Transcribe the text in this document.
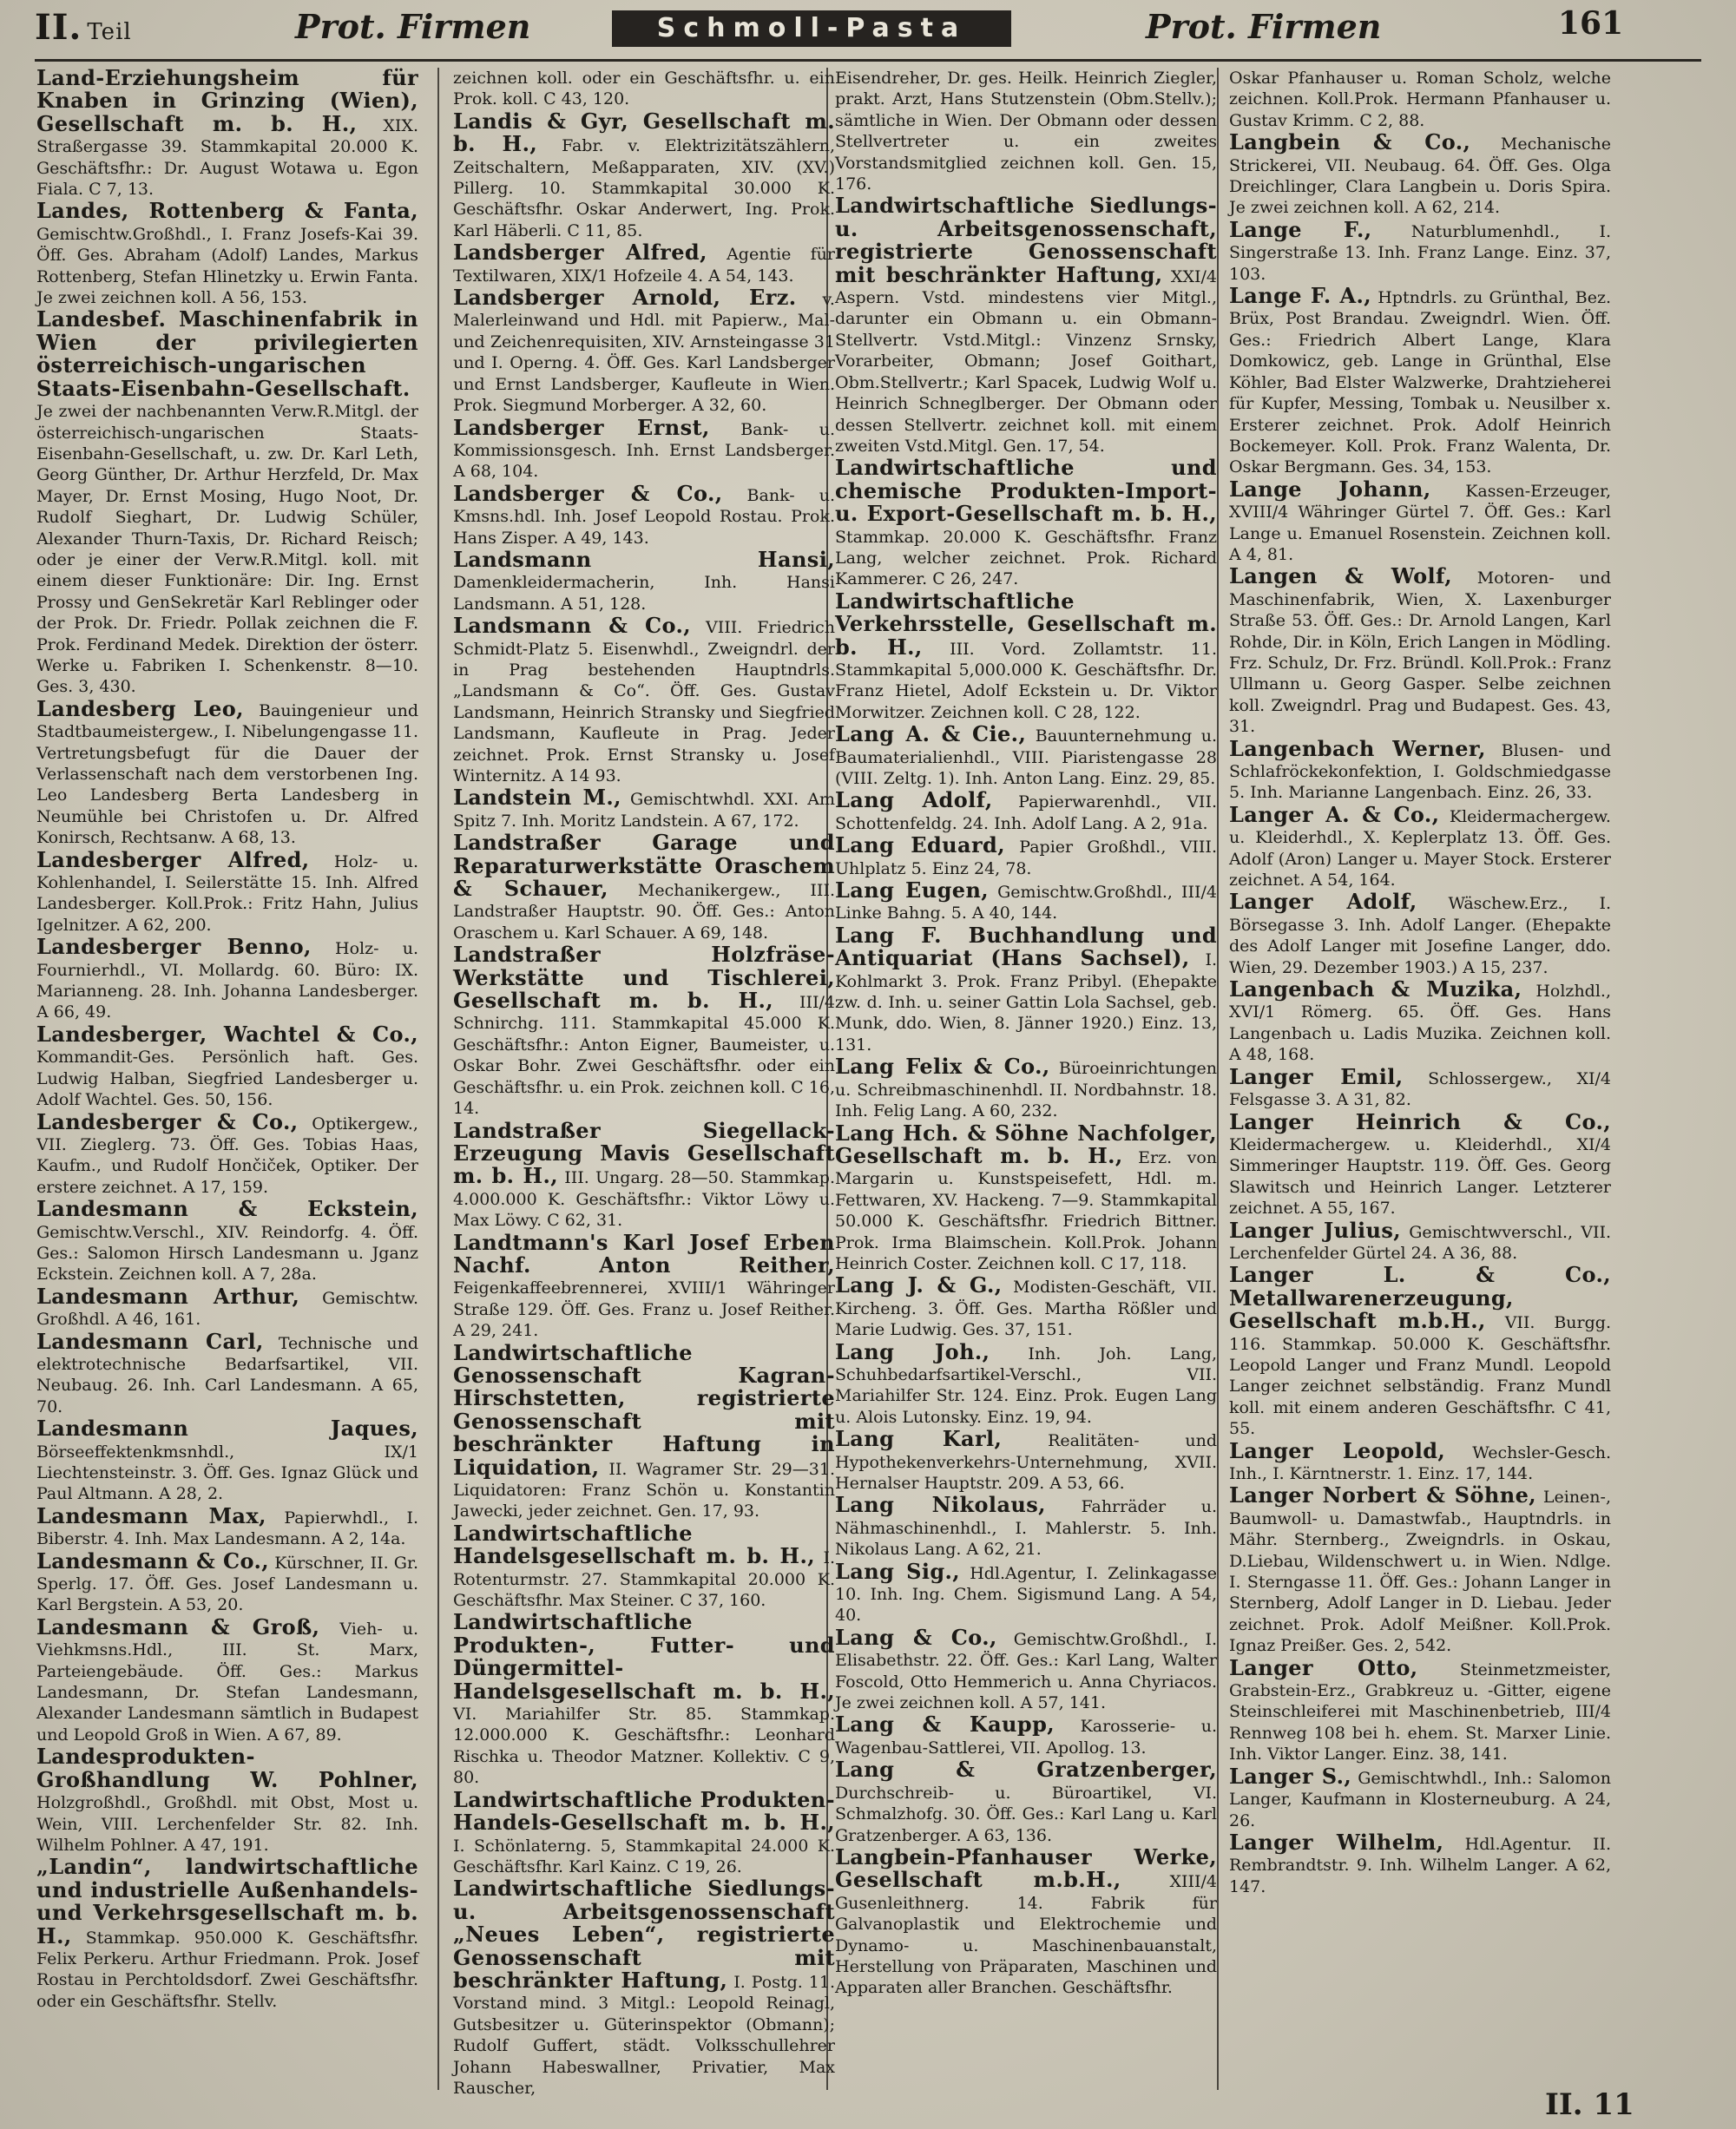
II. Teil	Prot. Firmen	Schmoll-Pasta	Prot. Firmen	161
Land-Erziehungsheim für Knaben in Grinzing (Wien), Gesellschaft m. b. H., XIX. Straßergasse 39. Stammkapital 20.000 K. Geschäftsfhr.: Dr. August Wotawa u. Egon Fiala. C 7, 13.
Landes, Rottenberg & Fanta, Gemischtw.Großhdl., I. Franz Josefs-Kai 39. Öff. Ges. Abraham (Adolf) Landes, Markus Rottenberg, Stefan Hlinetzky u. Erwin Fanta. Je zwei zeichnen koll. A 56, 153.
Landesbef. Maschinenfabrik in Wien der privilegierten österreichisch-ungarischen Staats-Eisenbahn-Gesellschaft. Je zwei der nachbenannten Verw.R.Mitgl. der österreichisch-ungarischen Staats-Eisenbahn-Gesellschaft, u. zw. Dr. Karl Leth, Georg Günther, Dr. Arthur Herzfeld, Dr. Max Mayer, Dr. Ernst Mosing, Hugo Noot, Dr. Rudolf Sieghart, Dr. Ludwig Schüler, Alexander Thurn-Taxis, Dr. Richard Reisch; oder je einer der Verw.R.Mitgl. koll. mit einem dieser Funktionäre: Dir. Ing. Ernst Prossy und GenSekretär Karl Reblinger oder der Prok. Dr. Friedr. Pollak zeichnen die F. Prok. Ferdinand Medek. Direktion der österr. Werke u. Fabriken I. Schenkenstr. 8—10. Ges. 3, 430.
Landesberg Leo, Bauingenieur und Stadtbaumeistergew., I. Nibelungengasse 11. Vertretungsbefugt für die Dauer der Verlassenschaft nach dem verstorbenen Ing. Leo Landesberg Berta Landesberg in Neumühle bei Christofen u. Dr. Alfred Konirsch, Rechtsanw. A 68, 13.
Landesberger Alfred, Holz- u. Kohlenhandel, I. Seilerstätte 15. Inh. Alfred Landesberger. Koll.Prok.: Fritz Hahn, Julius Igelnitzer. A 62, 200.
Landesberger Benno, Holz- u. Fournierhdl., VI. Mollardg. 60. Büro: IX. Marianneng. 28. Inh. Johanna Landesberger. A 66, 49.
Landesberger, Wachtel & Co., Kommandit-Ges. Persönlich haft. Ges. Ludwig Halban, Siegfried Landesberger u. Adolf Wachtel. Ges. 50, 156.
Landesberger & Co., Optikergew., VII. Zieglerg. 73. Öff. Ges. Tobias Haas, Kaufm., und Rudolf Hončiček, Optiker. Der erstere zeichnet. A 17, 159.
Landesmann & Eckstein, Gemischtw.Verschl., XIV. Reindorfg. 4. Öff. Ges.: Salomon Hirsch Landesmann u. Jganz Eckstein. Zeichnen koll. A 7, 28a.
Landesmann Arthur, Gemischtw. Großhdl. A 46, 161.
Landesmann Carl, Technische und elektrotechnische Bedarfsartikel, VII. Neubaug. 26. Inh. Carl Landesmann. A 65, 70.
Landesmann Jaques, Börseeffektenkmsnhdl., IX/1 Liechtensteinstr. 3. Öff. Ges. Ignaz Glück und Paul Altmann. A 28, 2.
Landesmann Max, Papierwhdl., I. Biberstr. 4. Inh. Max Landesmann. A 2, 14a.
Landesmann & Co., Kürschner, II. Gr. Sperlg. 17. Öff. Ges. Josef Landesmann u. Karl Bergstein. A 53, 20.
Landesmann & Groß, Vieh- u. Viehkmsns.Hdl., III. St. Marx, Parteiengebäude. Öff. Ges.: Markus Landesmann, Dr. Stefan Landesmann, Alexander Landesmann sämtlich in Budapest und Leopold Groß in Wien. A 67, 89.
Landesprodukten-Großhandlung W. Pohlner, Holzgroßhdl., Großhdl. mit Obst, Most u. Wein, VIII. Lerchenfelder Str. 82. Inh. Wilhelm Pohlner. A 47, 191.
„Landin“, landwirtschaftliche und industrielle Außenhandels- und Verkehrsgesellschaft m. b. H., Stammkap. 950.000 K. Geschäftsfhr. Felix Perkeru. Arthur Friedmann. Prok. Josef Rostau in Perchtoldsdorf. Zwei Geschäftsfhr. oder ein Geschäftsfhr. Stellv.
zeichnen koll. oder ein Geschäftsfhr. u. ein Prok. koll. C 43, 120.
Landis & Gyr, Gesellschaft m. b. H., Fabr. v. Elektrizitätszählern, Zeitschaltern, Meßapparaten, XIV. (XV.) Pillerg. 10. Stammkapital 30.000 K. Geschäftsfhr. Oskar Anderwert, Ing. Prok. Karl Häberli. C 11, 85.
Landsberger Alfred, Agentie für Textilwaren, XIX/1 Hofzeile 4. A 54, 143.
Landsberger Arnold, Erz. v. Malerleinwand und Hdl. mit Papierw., Mal- und Zeichenrequisiten, XIV. Arnsteingasse 31 und I. Operng. 4. Öff. Ges. Karl Landsberger und Ernst Landsberger, Kaufleute in Wien. Prok. Siegmund Morberger. A 32, 60.
Landsberger Ernst, Bank- u. Kommissionsgesch. Inh. Ernst Landsberger. A 68, 104.
Landsberger & Co., Bank- u. Kmsns.hdl. Inh. Josef Leopold Rostau. Prok. Hans Zisper. A 49, 143.
Landsmann Hansi, Damenkleidermacherin, Inh. Hansi Landsmann. A 51, 128.
Landsmann & Co., VIII. Friedrich Schmidt-Platz 5. Eisenwhdl., Zweigndrl. der in Prag bestehenden Hauptndrls. „Landsmann & Co“. Öff. Ges. Gustav Landsmann, Heinrich Stransky und Siegfried Landsmann, Kaufleute in Prag. Jeder zeichnet. Prok. Ernst Stransky u. Josef Winternitz. A 14 93.
Landstein M., Gemischtwhdl. XXI. Am Spitz 7. Inh. Moritz Landstein. A 67, 172.
Landstraßer Garage und Reparaturwerkstätte Oraschem & Schauer, Mechanikergew., III. Landstraßer Hauptstr. 90. Öff. Ges.: Anton Oraschem u. Karl Schauer. A 69, 148.
Landstraßer Holzfräse-Werkstätte und Tischlerei, Gesellschaft m. b. H., III/4 Schnirchg. 111. Stammkapital 45.000 K. Geschäftsfhr.: Anton Eigner, Baumeister, u. Oskar Bohr. Zwei Geschäftsfhr. oder ein Geschäftsfhr. u. ein Prok. zeichnen koll. C 16, 14.
Landstraßer Siegellack-Erzeugung Mavis Gesellschaft m. b. H., III. Ungarg. 28—50. Stammkap. 4.000.000 K. Geschäftsfhr.: Viktor Löwy u. Max Löwy. C 62, 31.
Landtmann's Karl Josef Erben Nachf. Anton Reither, Feigenkaffeebrennerei, XVIII/1 Währinger Straße 129. Öff. Ges. Franz u. Josef Reither. A 29, 241.
Landwirtschaftliche Genossenschaft Kagran-Hirschstetten, registrierte Genossenschaft mit beschränkter Haftung in Liquidation, II. Wagramer Str. 29—31. Liquidatoren: Franz Schön u. Konstantin Jawecki, jeder zeichnet. Gen. 17, 93.
Landwirtschaftliche Handelsgesellschaft m. b. H., I. Rotenturmstr. 27. Stammkapital 20.000 K. Geschäftsfhr. Max Steiner. C 37, 160.
Landwirtschaftliche Produkten-, Futter- und Düngermittel-Handelsgesellschaft m. b. H., VI. Mariahilfer Str. 85. Stammkap. 12.000.000 K. Geschäftsfhr.: Leonhard Rischka u. Theodor Matzner. Kollektiv. C 9, 80.
Landwirtschaftliche Produkten-Handels-Gesellschaft m. b. H., I. Schönlaterng. 5, Stammkapital 24.000 K. Geschäftsfhr. Karl Kainz. C 19, 26.
Landwirtschaftliche Siedlungs- u. Arbeitsgenossenschaft „Neues Leben“, registrierte Genossenschaft mit beschränkter Haftung, I. Postg. 11. Vorstand mind. 3 Mitgl.: Leopold Reinagl, Gutsbesitzer u. Güterinspektor (Obmann); Rudolf Guffert, städt. Volksschullehrer Johann Habeswallner, Privatier, Max Rauscher,
Eisendreher, Dr. ges. Heilk. Heinrich Ziegler, prakt. Arzt, Hans Stutzenstein (Obm.Stellv.); sämtliche in Wien. Der Obmann oder dessen Stellvertreter u. ein zweites Vorstandsmitglied zeichnen koll. Gen. 15, 176.
Landwirtschaftliche Siedlungs- u. Arbeitsgenossenschaft, registrierte Genossenschaft mit beschränkter Haftung, XXI/4 Aspern. Vstd. mindestens vier Mitgl., darunter ein Obmann u. ein Obmann-Stellvertr. Vstd.Mitgl.: Vinzenz Srnsky, Vorarbeiter, Obmann; Josef Goithart, Obm.Stellvertr.; Karl Spacek, Ludwig Wolf u. Heinrich Schneglberger. Der Obmann oder dessen Stellvertr. zeichnet koll. mit einem zweiten Vstd.Mitgl. Gen. 17, 54.
Landwirtschaftliche und chemische Produkten-Import- u. Export-Gesellschaft m. b. H., Stammkap. 20.000 K. Geschäftsfhr. Franz Lang, welcher zeichnet. Prok. Richard Kammerer. C 26, 247.
Landwirtschaftliche Verkehrsstelle, Gesellschaft m. b. H., III. Vord. Zollamtstr. 11. Stammkapital 5,000.000 K. Geschäftsfhr. Dr. Franz Hietel, Adolf Eckstein u. Dr. Viktor Morwitzer. Zeichnen koll. C 28, 122.
Lang A. & Cie., Bauunternehmung u. Baumaterialienhdl., VIII. Piaristengasse 28 (VIII. Zeltg. 1). Inh. Anton Lang. Einz. 29, 85.
Lang Adolf, Papierwarenhdl., VII. Schottenfeldg. 24. Inh. Adolf Lang. A 2, 91a.
Lang Eduard, Papier Großhdl., VIII. Uhlplatz 5. Einz 24, 78.
Lang Eugen, Gemischtw.Großhdl., III/4 Linke Bahng. 5. A 40, 144.
Lang F. Buchhandlung und Antiquariat (Hans Sachsel), I. Kohlmarkt 3. Prok. Franz Pribyl. (Ehepakte zw. d. Inh. u. seiner Gattin Lola Sachsel, geb. Munk, ddo. Wien, 8. Jänner 1920.) Einz. 13, 131.
Lang Felix & Co., Büroeinrichtungen u. Schreibmaschinenhdl. II. Nordbahnstr. 18. Inh. Felig Lang. A 60, 232.
Lang Hch. & Söhne Nachfolger, Gesellschaft m. b. H., Erz. von Margarin u. Kunstspeisefett, Hdl. m. Fettwaren, XV. Hackeng. 7—9. Stammkapital 50.000 K. Geschäftsfhr. Friedrich Bittner. Prok. Irma Blaimschein. Koll.Prok. Johann Heinrich Coster. Zeichnen koll. C 17, 118.
Lang J. & G., Modisten-Geschäft, VII. Kircheng. 3. Öff. Ges. Martha Rößler und Marie Ludwig. Ges. 37, 151.
Lang Joh., Inh. Joh. Lang, Schuhbedarfsartikel-Verschl., VII. Mariahilfer Str. 124. Einz. Prok. Eugen Lang u. Alois Lutonsky. Einz. 19, 94.
Lang Karl,	Realitäten- und Hypothekenverkehrs-Unternehmung, XVII. Hernalser Hauptstr. 209. A 53, 66.
Lang Nikolaus, Fahrräder u. Nähmaschinenhdl., I. Mahlerstr. 5. Inh. Nikolaus Lang. A 62, 21.
Lang Sig., Hdl.Agentur, I. Zelinkagasse 10. Inh. Ing. Chem. Sigismund Lang. A 54, 40.
Lang & Co., Gemischtw.Großhdl., I. Elisabethstr. 22. Öff. Ges.: Karl Lang, Walter Foscold, Otto Hemmerich u. Anna Chyriacos. Je zwei zeichnen koll. A 57, 141.
Lang & Kaupp, Karosserie- u. Wagenbau-Sattlerei, VII. Apollog. 13.
Lang & Gratzenberger, Durchschreib- u. Büroartikel, VI. Schmalzhofg. 30. Öff. Ges.: Karl Lang u. Karl Gratzenberger. A 63, 136.
Langbein-Pfanhauser Werke, Gesellschaft m.b.H.,	XIII/4 Gusenleithnerg. 14. Fabrik für Galvanoplastik und Elektrochemie und Dynamo- u. Maschinenbauanstalt, Herstellung von Präparaten, Maschinen und Apparaten aller Branchen. Geschäftsfhr.
Oskar Pfanhauser u. Roman Scholz, welche zeichnen. Koll.Prok. Hermann Pfanhauser u. Gustav Krimm. C 2, 88.
Langbein & Co., Mechanische Strickerei, VII. Neubaug. 64. Öff. Ges. Olga Dreichlinger, Clara Langbein u. Doris Spira. Je zwei zeichnen koll. A 62, 214.
Lange F., Naturblumenhdl., I. Singerstraße 13. Inh. Franz Lange. Einz. 37, 103.
Lange F. A., Hptndrls. zu Grünthal, Bez. Brüx, Post Brandau. Zweigndrl. Wien. Öff. Ges.: Friedrich Albert Lange, Klara Domkowicz, geb. Lange in Grünthal, Else Köhler, Bad Elster Walzwerke, Drahtzieherei für Kupfer, Messing, Tombak u. Neusilber x. Ersterer zeichnet. Prok. Adolf Heinrich Bockemeyer. Koll. Prok. Franz Walenta, Dr. Oskar Bergmann. Ges. 34, 153.
Lange Johann, Kassen-Erzeuger, XVIII/4 Währinger Gürtel 7. Öff. Ges.: Karl Lange u. Emanuel Rosenstein. Zeichnen koll. A 4, 81.
Langen & Wolf, Motoren- und Maschinenfabrik, Wien, X. Laxenburger Straße 53. Öff. Ges.: Dr. Arnold Langen, Karl Rohde, Dir. in Köln, Erich Langen in Mödling. Frz. Schulz, Dr. Frz. Bründl. Koll.Prok.: Franz Ullmann u. Georg Gasper. Selbe zeichnen koll. Zweigndrl. Prag und Budapest. Ges. 43, 31.
Langenbach Werner, Blusen- und Schlafröckekonfektion, I. Goldschmiedgasse 5. Inh. Marianne Langenbach. Einz. 26, 33.
Langer A. & Co., Kleidermachergew. u. Kleiderhdl., X. Keplerplatz 13. Öff. Ges. Adolf (Aron) Langer u. Mayer Stock. Ersterer zeichnet. A 54, 164.
Langer Adolf, Wäschew.Erz., I. Börsegasse 3. Inh. Adolf Langer. (Ehepakte des Adolf Langer mit Josefine Langer, ddo. Wien, 29. Dezember 1903.) A 15, 237.
Langenbach & Muzika, Holzhdl., XVI/1 Römerg. 65. Öff. Ges. Hans Langenbach u. Ladis Muzika. Zeichnen koll. A 48, 168.
Langer Emil, Schlossergew., XI/4 Felsgasse 3. A 31, 82.
Langer Heinrich & Co., Kleidermachergew. u. Kleiderhdl., XI/4 Simmeringer Hauptstr. 119. Öff. Ges. Georg Slawitsch und Heinrich Langer. Letzterer zeichnet. A 55, 167.
Langer Julius, Gemischtwverschl., VII. Lerchenfelder Gürtel 24. A 36, 88.
Langer L. & Co., Metallwarenerzeugung, Gesellschaft m.b.H., VII. Burgg. 116. Stammkap. 50.000 K. Geschäftsfhr. Leopold Langer und Franz Mundl. Leopold Langer zeichnet selbständig. Franz Mundl koll. mit einem anderen Geschäftsfhr. C 41, 55.
Langer Leopold, Wechsler-Gesch. Inh., I. Kärntnerstr. 1. Einz. 17, 144.
Langer Norbert & Söhne, Leinen-, Baumwoll- u. Damastwfab., Hauptndrls. in Mähr. Sternberg., Zweigndrls. in Oskau, D.Liebau, Wildenschwert u. in Wien. Ndlge. I. Sterngasse 11. Öff. Ges.: Johann Langer in Sternberg, Adolf Langer in D. Liebau. Jeder zeichnet. Prok. Adolf Meißner. Koll.Prok. Ignaz Preißer. Ges. 2, 542.
Langer Otto,	Steinmetzmeister, Grabstein-Erz., Grabkreuz u. -Gitter, eigene Steinschleiferei mit Maschinenbetrieb, III/4 Rennweg 108 bei h. ehem. St. Marxer Linie. Inh. Viktor Langer. Einz. 38, 141.
Langer S., Gemischtwhdl., Inh.: Salomon Langer, Kaufmann in Klosterneuburg. A 24, 26.
Langer Wilhelm, Hdl.Agentur. II. Rembrandtstr. 9. Inh. Wilhelm Langer. A 62, 147.
II. 11
